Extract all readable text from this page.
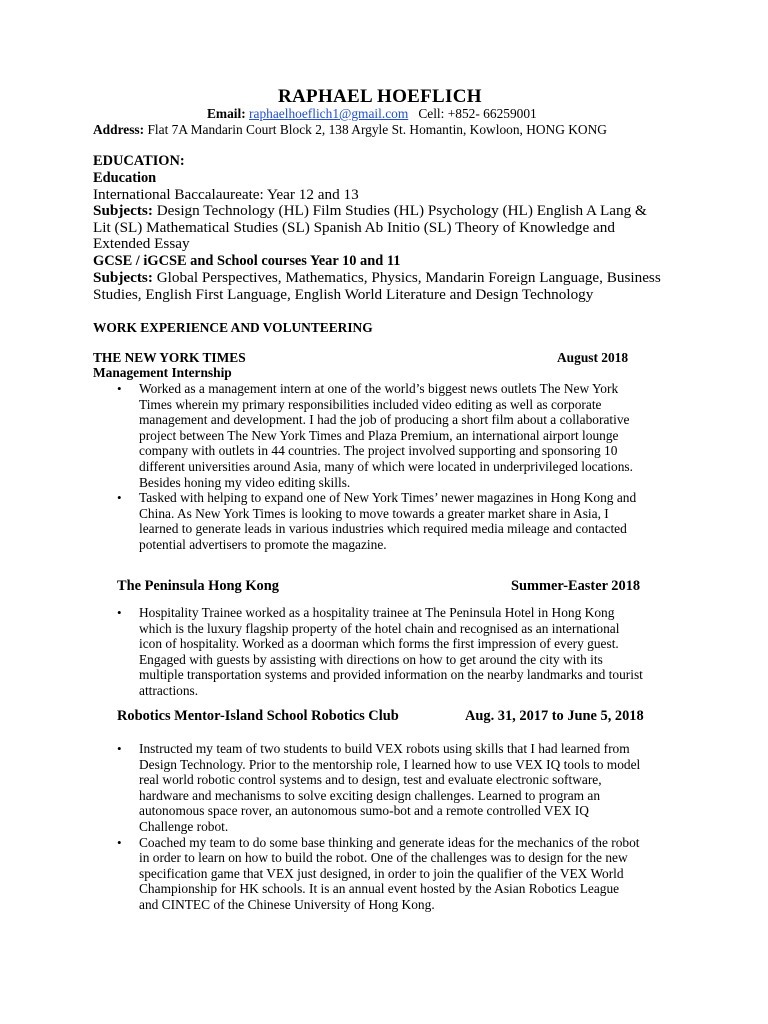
RAPHAEL HOEFLICH
Email: raphaelhoeflich1@gmail.com Cell: +852- 66259001
Address: Flat 7A Mandarin Court Block 2, 138 Argyle St. Homantin, Kowloon, HONG KONG
EDUCATION:
Education
International Baccalaureate: Year 12 and 13
Subjects: Design Technology (HL) Film Studies (HL) Psychology (HL) English A Lang &
Lit (SL) Mathematical Studies (SL) Spanish Ab Initio (SL) Theory of Knowledge and
Extended Essay
GCSE / iGCSE and School courses Year 10 and 11
Subjects: Global Perspectives, Mathematics, Physics, Mandarin Foreign Language, Business
Studies, English First Language, English World Literature and Design Technology
WORK EXPERIENCE AND VOLUNTEERING
THE NEW YORK TIMES	August 2018
Management Internship
• Worked as a management intern at one of the world’s biggest news outlets The New York
Times wherein my primary responsibilities included video editing as well as corporate
management and development. I had the job of producing a short film about a collaborative
project between The New York Times and Plaza Premium, an international airport lounge
company with outlets in 44 countries. The project involved supporting and sponsoring 10
different universities around Asia, many of which were located in underprivileged locations.
Besides honing my video editing skills.
• Tasked with helping to expand one of New York Times’ newer magazines in Hong Kong and
China. As New York Times is looking to move towards a greater market share in Asia, I
learned to generate leads in various industries which required media mileage and contacted
potential advertisers to promote the magazine.
The Peninsula Hong Kong	Summer-Easter 2018
• Hospitality Trainee worked as a hospitality trainee at The Peninsula Hotel in Hong Kong
which is the luxury flagship property of the hotel chain and recognised as an international
icon of hospitality. Worked as a doorman which forms the first impression of every guest.
Engaged with guests by assisting with directions on how to get around the city with its
multiple transportation systems and provided information on the nearby landmarks and tourist
attractions.
Robotics Mentor-Island School Robotics Club	Aug. 31, 2017 to June 5, 2018
• Instructed my team of two students to build VEX robots using skills that I had learned from
Design Technology. Prior to the mentorship role, I learned how to use VEX IQ tools to model
real world robotic control systems and to design, test and evaluate electronic software,
hardware and mechanisms to solve exciting design challenges. Learned to program an
autonomous space rover, an autonomous sumo-bot and a remote controlled VEX IQ
Challenge robot.
• Coached my team to do some base thinking and generate ideas for the mechanics of the robot
in order to learn on how to build the robot. One of the challenges was to design for the new
specification game that VEX just designed, in order to join the qualifier of the VEX World
Championship for HK schools. It is an annual event hosted by the Asian Robotics League
and CINTEC of the Chinese University of Hong Kong.
